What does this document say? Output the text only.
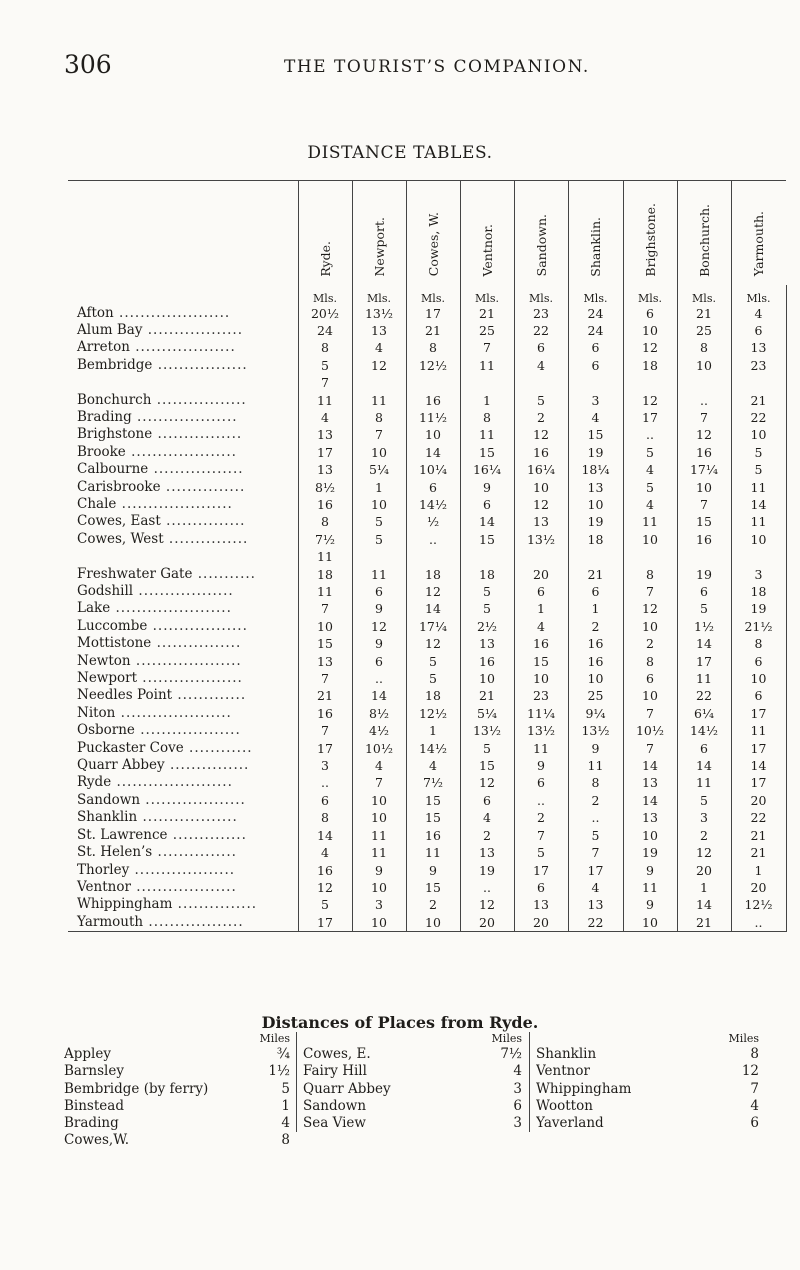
306	THE TOURIST’S COMPANION.
DISTANCE TABLES.

	Ryde.	Newport.	Cowes, W.	Ventnor.	Sandown.	Shanklin.	Brighstone.	Bonchurch.	Yarmouth.

	Mls.	Mls.	Mls.	Mls.	Mls.	Mls.	Mls.	Mls.	Mls.
Afton .....................	20½	13½	17	21	23	24	6	21	4
Alum Bay ..................	24	13	21	25	22	24	10	25	6
Arreton ...................	8	4	8	7	6	6	12	8	13
Bembridge .................	5	12	12½	11	4	6	18	10	23
	7								
Bonchurch .................	11	11	16	1	5	3	12	..	21
Brading ...................	4	8	11½	8	2	4	17	7	22
Brighstone ................	13	7	10	11	12	15	..	12	10
Brooke ....................	17	10	14	15	16	19	5	16	5
Calbourne .................	13	5¼	10¼	16¼	16¼	18¼	4	17¼	5
Carisbrooke ...............	8½	1	6	9	10	13	5	10	11
Chale .....................	16	10	14½	6	12	10	4	7	14
Cowes, East ...............	8	5	½	14	13	19	11	15	11
Cowes, West ...............	7½	5	..	15	13½	18	10	16	10
	11								
Freshwater Gate ...........	18	11	18	18	20	21	8	19	3
Godshill ..................	11	6	12	5	6	6	7	6	18
Lake ......................	7	9	14	5	1	1	12	5	19
Luccombe ..................	10	12	17¼	2½	4	2	10	1½	21½
Mottistone ................	15	9	12	13	16	16	2	14	8
Newton ....................	13	6	5	16	15	16	8	17	6
Newport ...................	7	..	5	10	10	10	6	11	10
Needles Point .............	21	14	18	21	23	25	10	22	6
Niton .....................	16	8½	12½	5¼	11¼	9¼	7	6¼	17
Osborne ...................	7	4½	1	13½	13½	13½	10½	14½	11
Puckaster Cove ............	17	10½	14½	5	11	9	7	6	17
Quarr Abbey ...............	3	4	4	15	9	11	14	14	14
Ryde ......................	..	7	7½	12	6	8	13	11	17
Sandown ...................	6	10	15	6	..	2	14	5	20
Shanklin ..................	8	10	15	4	2	..	13	3	22
St. Lawrence ..............	14	11	16	2	7	5	10	2	21
St. Helen’s ...............	4	11	11	13	5	7	19	12	21
Thorley ...................	16	9	9	19	17	17	9	20	1
Ventnor ...................	12	10	15	..	6	4	11	1	20
Whippingham ...............	5	3	2	12	13	13	9	14	12½
Yarmouth ..................	17	10	10	20	20	22	10	21	..
Distances of Places from Ryde.
Miles
Appley	¾
Barnsley	1½
Bembridge (by ferry)	5
Binstead	1
Brading	4
Cowes,W.	8
Miles
Cowes, E.	7½
Fairy Hill	4
Quarr Abbey	3
Sandown	6
Sea View	3
Miles
Shanklin	8
Ventnor	12
Whippingham	7
Wootton	4
Yaverland	6
